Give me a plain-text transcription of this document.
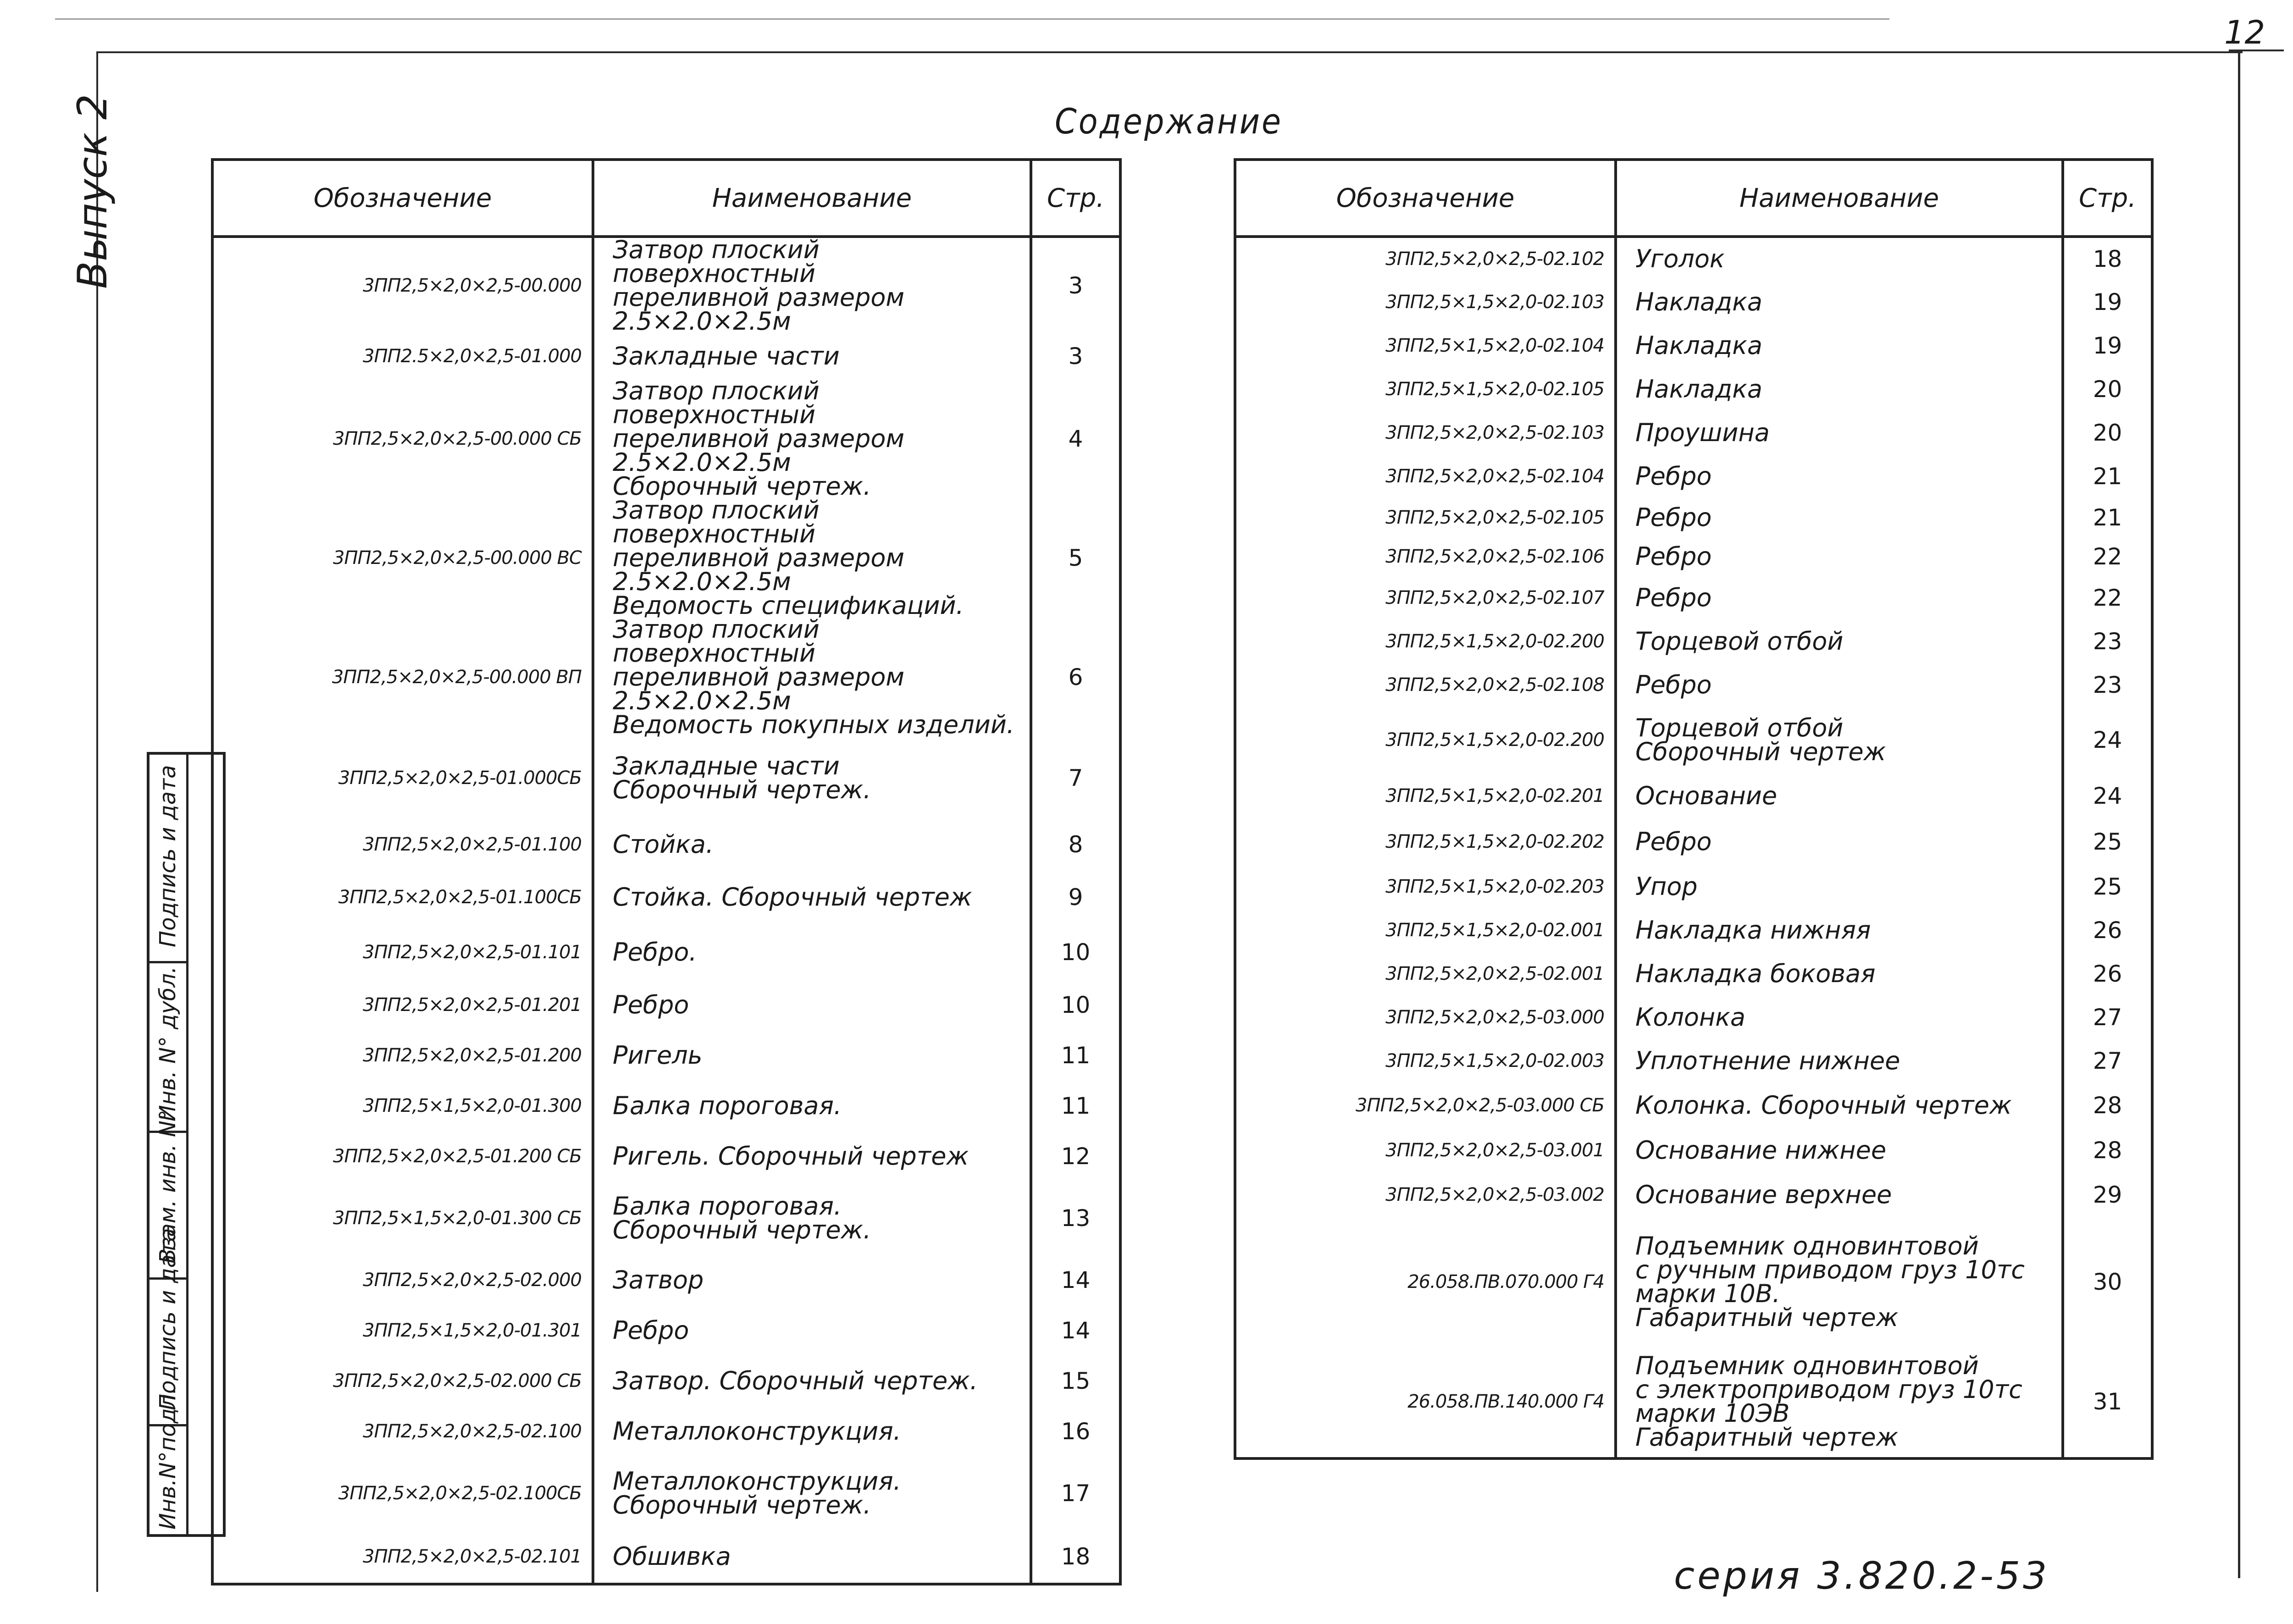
12
Выпуск 2	Содержание
Обозначение	Наименование	Стр.
3ПП2,5×2,0×2,5-00.000	Затвор плоский поверхностный
переливной размером 2.5×2.0×2.5м	3
3ПП2.5×2,0×2,5-01.000	Закладные части	3
3ПП2,5×2,0×2,5-00.000 СБ	Затвор плоский поверхностный
переливной размером 2.5×2.0×2.5м
Сборочный чертеж.	4
3ПП2,5×2,0×2,5-00.000 ВС	Затвор плоский поверхностный
переливной размером 2.5×2.0×2.5м
Ведомость спецификаций.	5
3ПП2,5×2,0×2,5-00.000 ВП	Затвор плоский поверхностный
переливной размером 2.5×2.0×2.5м
Ведомость покупных изделий.	6
3ПП2,5×2,0×2,5-01.000СБ	Закладные части
Сборочный чертеж.	7
3ПП2,5×2,0×2,5-01.100	Стойка.	8
3ПП2,5×2,0×2,5-01.100СБ	Стойка. Сборочный чертеж	9
3ПП2,5×2,0×2,5-01.101	Ребро.	10
3ПП2,5×2,0×2,5-01.201	Ребро	10
3ПП2,5×2,0×2,5-01.200	Ригель	11
3ПП2,5×1,5×2,0-01.300	Балка пороговая.	11
3ПП2,5×2,0×2,5-01.200 СБ	Ригель. Сборочный чертеж	12
3ПП2,5×1,5×2,0-01.300 СБ	Балка пороговая.
Сборочный чертеж.	13
3ПП2,5×2,0×2,5-02.000	Затвор	14
3ПП2,5×1,5×2,0-01.301	Ребро	14
3ПП2,5×2,0×2,5-02.000 СБ	Затвор. Сборочный чертеж.	15
3ПП2,5×2,0×2,5-02.100	Металлоконструкция.	16
3ПП2,5×2,0×2,5-02.100СБ	Металлоконструкция.
Сборочный чертеж.	17
3ПП2,5×2,0×2,5-02.101	Обшивка	18
Обозначение	Наименование	Стр.
3ПП2,5×2,0×2,5-02.102	Уголок	18
3ПП2,5×1,5×2,0-02.103	Накладка	19
3ПП2,5×1,5×2,0-02.104	Накладка	19
3ПП2,5×1,5×2,0-02.105	Накладка	20
3ПП2,5×2,0×2,5-02.103	Проушина	20
3ПП2,5×2,0×2,5-02.104	Ребро	21
3ПП2,5×2,0×2,5-02.105	Ребро	21
3ПП2,5×2,0×2,5-02.106	Ребро	22
3ПП2,5×2,0×2,5-02.107	Ребро	22
3ПП2,5×1,5×2,0-02.200	Торцевой отбой	23
3ПП2,5×2,0×2,5-02.108	Ребро	23
3ПП2,5×1,5×2,0-02.200	Торцевой отбой
Сборочный чертеж	24
3ПП2,5×1,5×2,0-02.201	Основание	24
3ПП2,5×1,5×2,0-02.202	Ребро	25
3ПП2,5×1,5×2,0-02.203	Упор	25
3ПП2,5×1,5×2,0-02.001	Накладка нижняя	26
3ПП2,5×2,0×2,5-02.001	Накладка боковая	26
3ПП2,5×2,0×2,5-03.000	Колонка	27
3ПП2,5×1,5×2,0-02.003	Уплотнение нижнее	27
3ПП2,5×2,0×2,5-03.000 СБ	Колонка. Сборочный чертеж	28
3ПП2,5×2,0×2,5-03.001	Основание нижнее	28
3ПП2,5×2,0×2,5-03.002	Основание верхнее	29
26.058.ПВ.070.000 Г4	Подъемник одновинтовой
с ручным приводом груз 10тс
марки 10В.
Габаритный чертеж	30
26.058.ПВ.140.000 Г4	Подъемник одновинтовой
с электроприводом груз 10тс
марки 10ЭВ
Габаритный чертеж	31
Инв.N°подл.
Подпись и дата
Взам. инв. N°
Инв. N° дубл.
Подпись и дата
серия 3.820.2-53
